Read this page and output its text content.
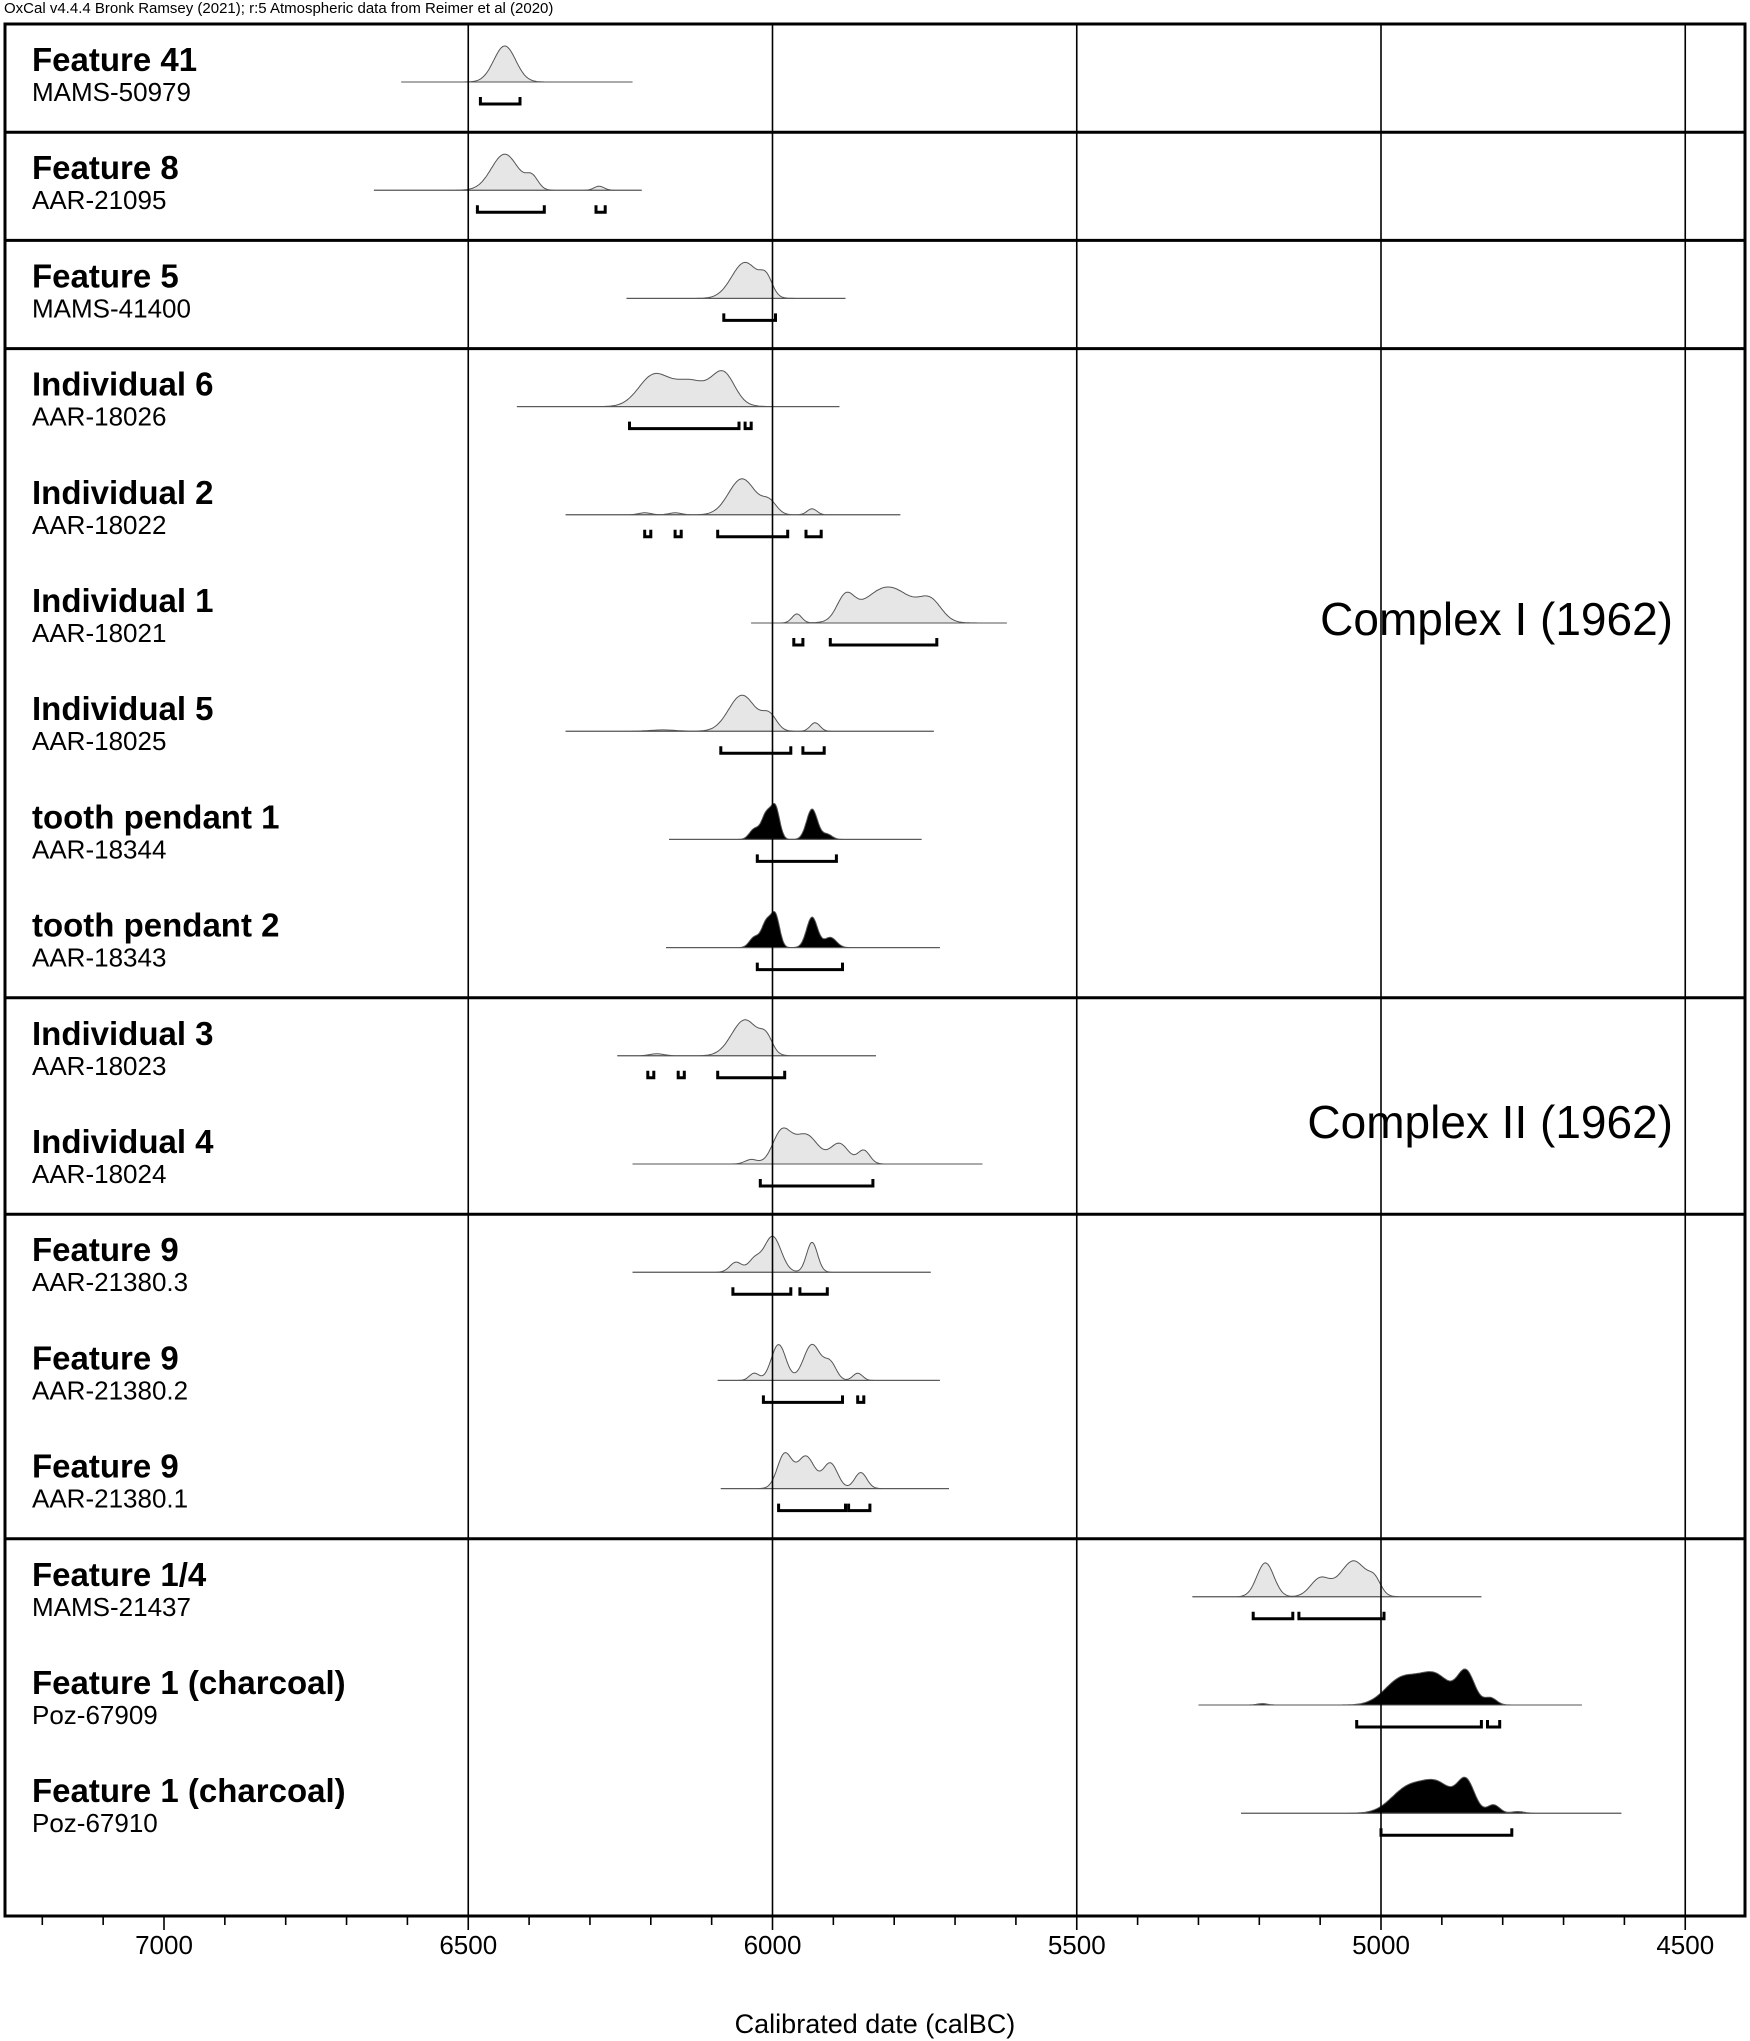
OxCal v4.4.4 Bronk Ramsey (2021); r:5 Atmospheric data from Reimer et al (2020)
Feature 41
MAMS-50979
Feature 8
AAR-21095
Feature 5
MAMS-41400
Individual 6
AAR-18026
Individual 2
AAR-18022
Individual 1
AAR-18021
Individual 5
AAR-18025
tooth pendant 1
AAR-18344
tooth pendant 2
AAR-18343
Individual 3
AAR-18023
Individual 4
AAR-18024
Feature 9
AAR-21380.3
Feature 9
AAR-21380.2
Feature 9
AAR-21380.1
Feature 1/4
MAMS-21437
Feature 1 (charcoal)
Poz-67909
Feature 1 (charcoal)
Poz-67910
7000	6500	6000	5500	5000	4500
Complex I (1962)
Complex II (1962)
Calibrated date (calBC)
